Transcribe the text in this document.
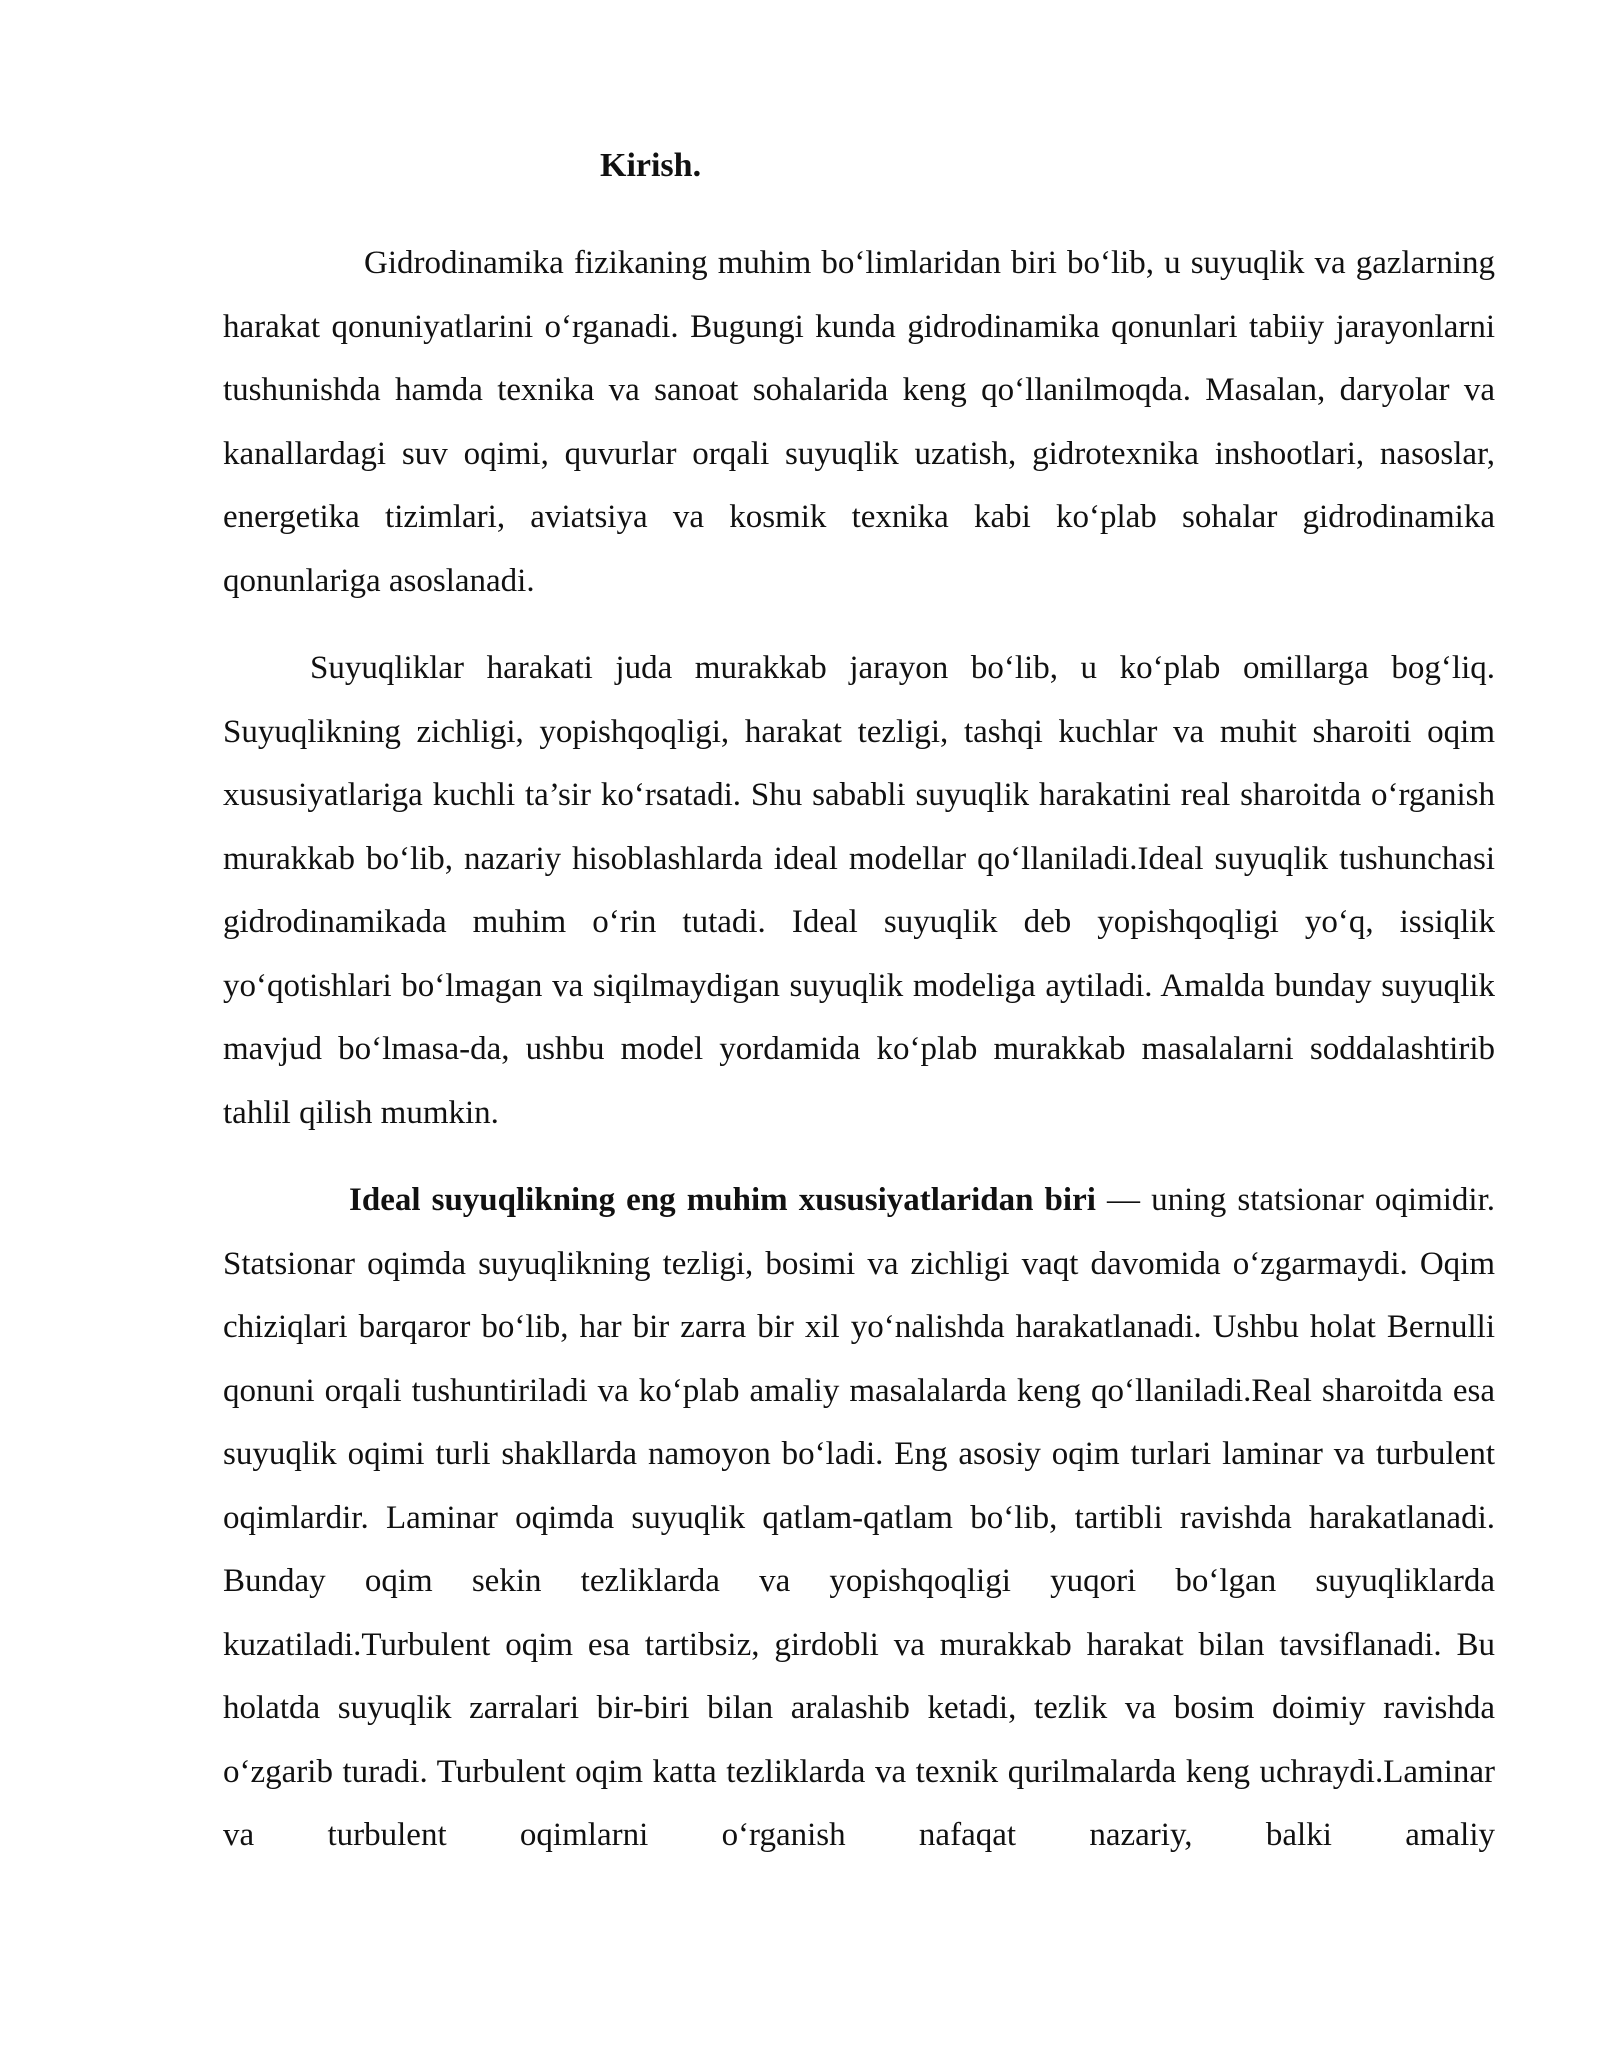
Kirish.

Gidrodinamika fizikaning muhim bo‘limlaridan biri bo‘lib, u suyuqlik va gazlarning harakat qonuniyatlarini o‘rganadi. Bugungi kunda gidrodinamika qonunlari tabiiy jarayonlarni tushunishda hamda texnika va sanoat sohalarida keng qo‘llanilmoqda. Masalan, daryolar va kanallardagi suv oqimi, quvurlar orqali suyuqlik uzatish, gidrotexnika inshootlari, nasoslar, energetika tizimlari, aviatsiya va kosmik texnika kabi ko‘plab sohalar gidrodinamika qonunlariga asoslanadi.

Suyuqliklar harakati juda murakkab jarayon bo‘lib, u ko‘plab omillarga bog‘liq. Suyuqlikning zichligi, yopishqoqligi, harakat tezligi, tashqi kuchlar va muhit sharoiti oqim xususiyatlariga kuchli ta’sir ko‘rsatadi. Shu sababli suyuqlik harakatini real sharoitda o‘rganish murakkab bo‘lib, nazariy hisoblashlarda ideal modellar qo‘llaniladi.Ideal suyuqlik tushunchasi gidrodinamikada muhim o‘rin tutadi. Ideal suyuqlik deb yopishqoqligi yo‘q, issiqlik yo‘qotishlari bo‘lmagan va siqilmaydigan suyuqlik modeliga aytiladi. Amalda bunday suyuqlik mavjud bo‘lmasa-da, ushbu model yordamida ko‘plab murakkab masalalarni soddalashtirib tahlil qilish mumkin.

Ideal suyuqlikning eng muhim xususiyatlaridan biri — uning statsionar oqimidir. Statsionar oqimda suyuqlikning tezligi, bosimi va zichligi vaqt davomida o‘zgarmaydi. Oqim chiziqlari barqaror bo‘lib, har bir zarra bir xil yo‘nalishda harakatlanadi. Ushbu holat Bernulli qonuni orqali tushuntiriladi va ko‘plab amaliy masalalarda keng qo‘llaniladi.Real sharoitda esa suyuqlik oqimi turli shakllarda namoyon bo‘ladi. Eng asosiy oqim turlari laminar va turbulent oqimlardir. Laminar oqimda suyuqlik qatlam-qatlam bo‘lib, tartibli ravishda harakatlanadi. Bunday oqim sekin tezliklarda va yopishqoqligi yuqori bo‘lgan suyuqliklarda kuzatiladi.Turbulent oqim esa tartibsiz, girdobli va murakkab harakat bilan tavsiflanadi. Bu holatda suyuqlik zarralari bir-biri bilan aralashib ketadi, tezlik va bosim doimiy ravishda o‘zgarib turadi. Turbulent oqim katta tezliklarda va texnik qurilmalarda keng uchraydi.Laminar va turbulent oqimlarni o‘rganish nafaqat nazariy, balki amaliy
